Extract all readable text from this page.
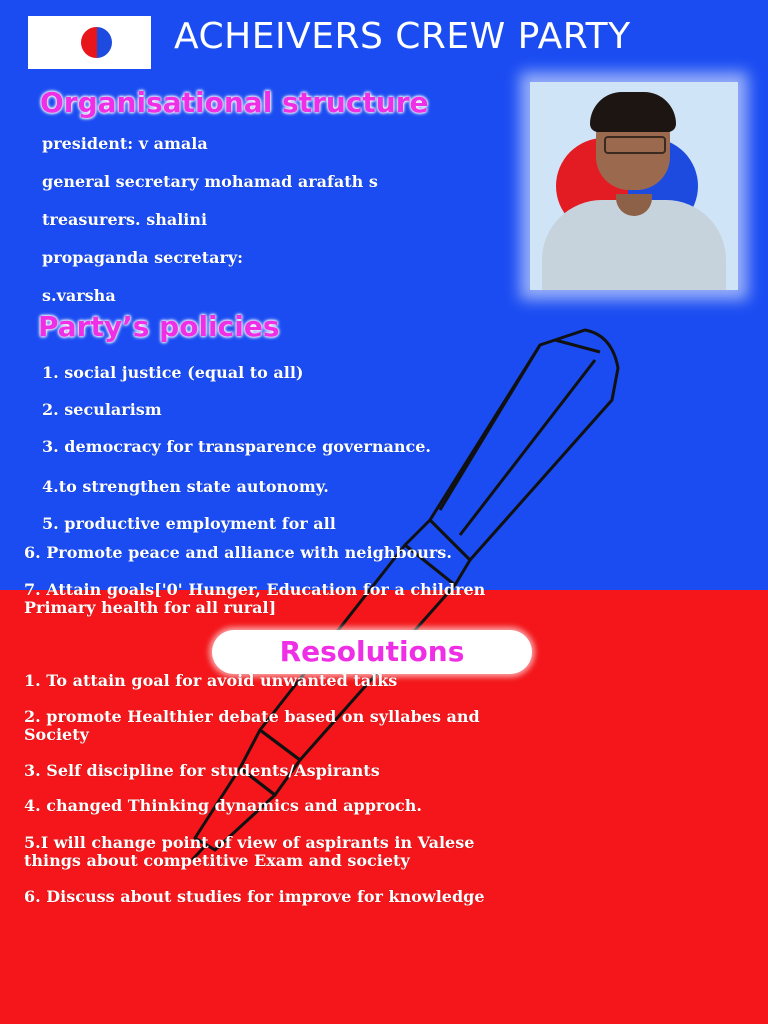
ACHEIVERS CREW PARTY
Organisational structure
president: v amala
general secretary mohamad arafath s
treasurers. shalini
propaganda secretary:
s.varsha
Party’s policies
1. social justice (equal to all)
2. secularism
3. democracy for transparence governance.
4.to strengthen state autonomy.
5. productive employment for all
6. Promote peace and alliance with neighbours.
7. Attain goals['0' Hunger, Education for a children
Primary health for all rural]
Resolutions
1. To attain goal for avoid unwanted talks
2. promote Healthier debate based on syllabes and
Society
3. Self discipline for students/Aspirants
4. changed Thinking dynamics and approch.
5.I will change point of view of aspirants in Valese
things about competitive Exam and society
6. Discuss about studies for improve for knowledge
